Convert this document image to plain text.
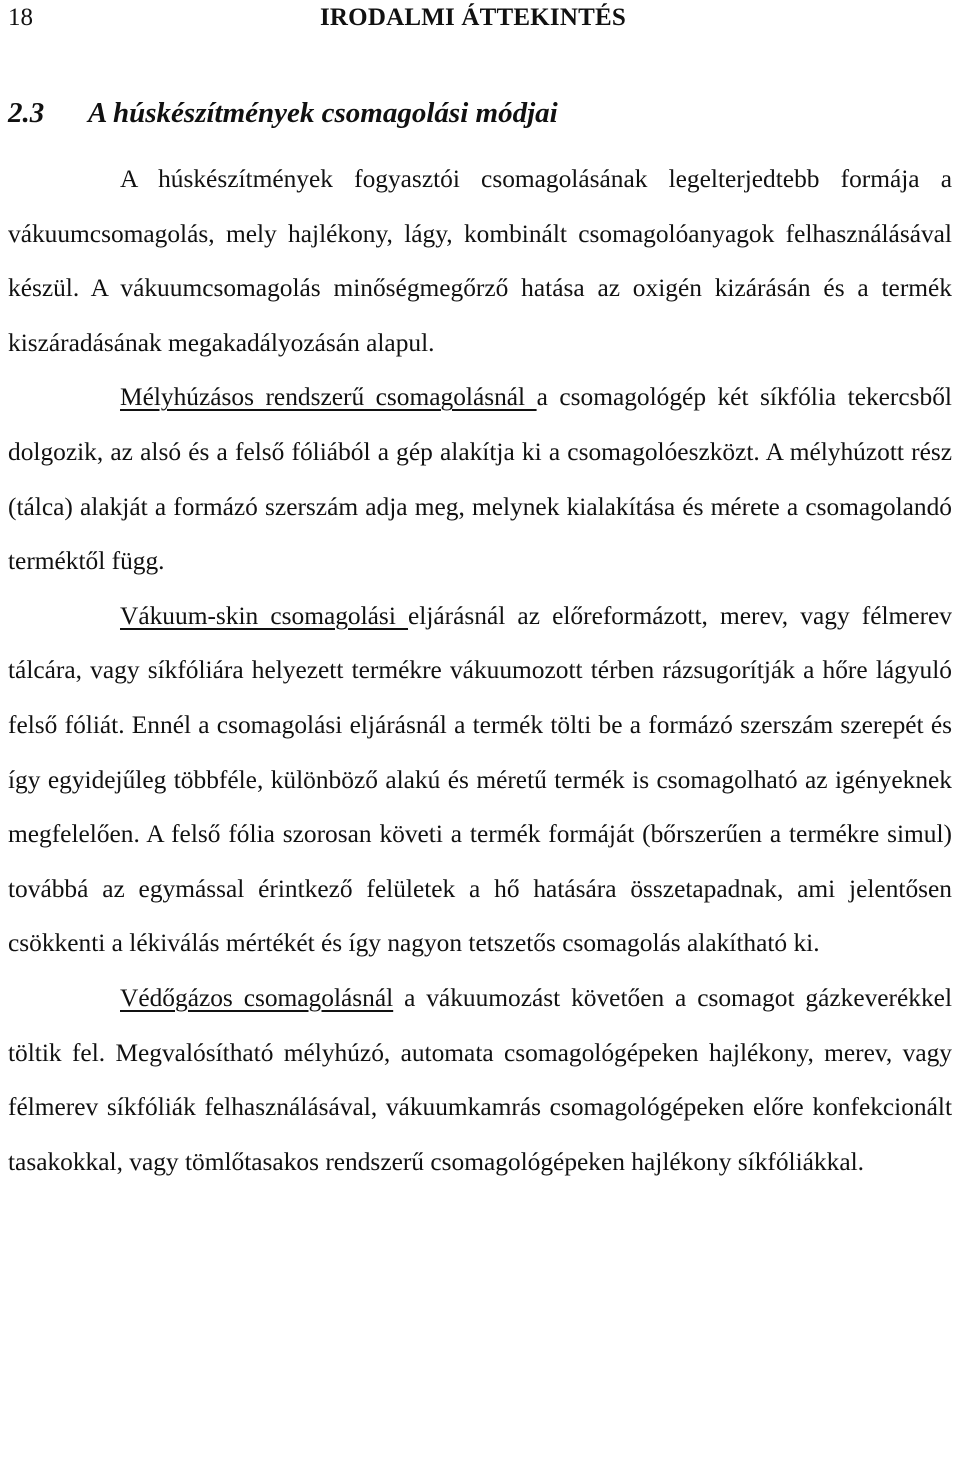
18	IRODALMI ÁTTEKINTÉS
2.3 A húskészítmények csomagolási módjai

A húskészítmények fogyasztói csomagolásának legelterjedtebb formája a vákuumcsomagolás, mely hajlékony, lágy, kombinált csomagolóanyagok felhasználásával készül. A vákuumcsomagolás minőségmegőrző hatása az oxigén kizárásán és a termék kiszáradásának megakadályozásán alapul.

Mélyhúzásos rendszerű csomagolásnál a csomagológép két síkfólia tekercsből dolgozik, az alsó és a felső fóliából a gép alakítja ki a csomagolóeszközt. A mélyhúzott rész (tálca) alakját a formázó szerszám adja meg, melynek kialakítása és mérete a csomagolandó terméktől függ.

Vákuum-skin csomagolási eljárásnál az előreformázott, merev, vagy félmerev tálcára, vagy síkfóliára helyezett termékre vákuumozott térben rázsugorítják a hőre lágyuló felső fóliát. Ennél a csomagolási eljárásnál a termék tölti be a formázó szerszám szerepét és így egyidejűleg többféle, különböző alakú és méretű termék is csomagolható az igényeknek megfelelően. A felső fólia szorosan követi a termék formáját (bőrszerűen a termékre simul) továbbá az egymással érintkező felületek a hő hatására összetapadnak, ami jelentősen csökkenti a lékiválás mértékét és így nagyon tetszetős csomagolás alakítható ki.

Védőgázos csomagolásnál a vákuumozást követően a csomagot gázkeverékkel töltik fel. Megvalósítható mélyhúzó, automata csomagológépeken hajlékony, merev, vagy félmerev síkfóliák felhasználásával, vákuumkamrás csomagológépeken előre konfekcionált tasakokkal, vagy tömlőtasakos rendszerű csomagológépeken hajlékony síkfóliákkal.
